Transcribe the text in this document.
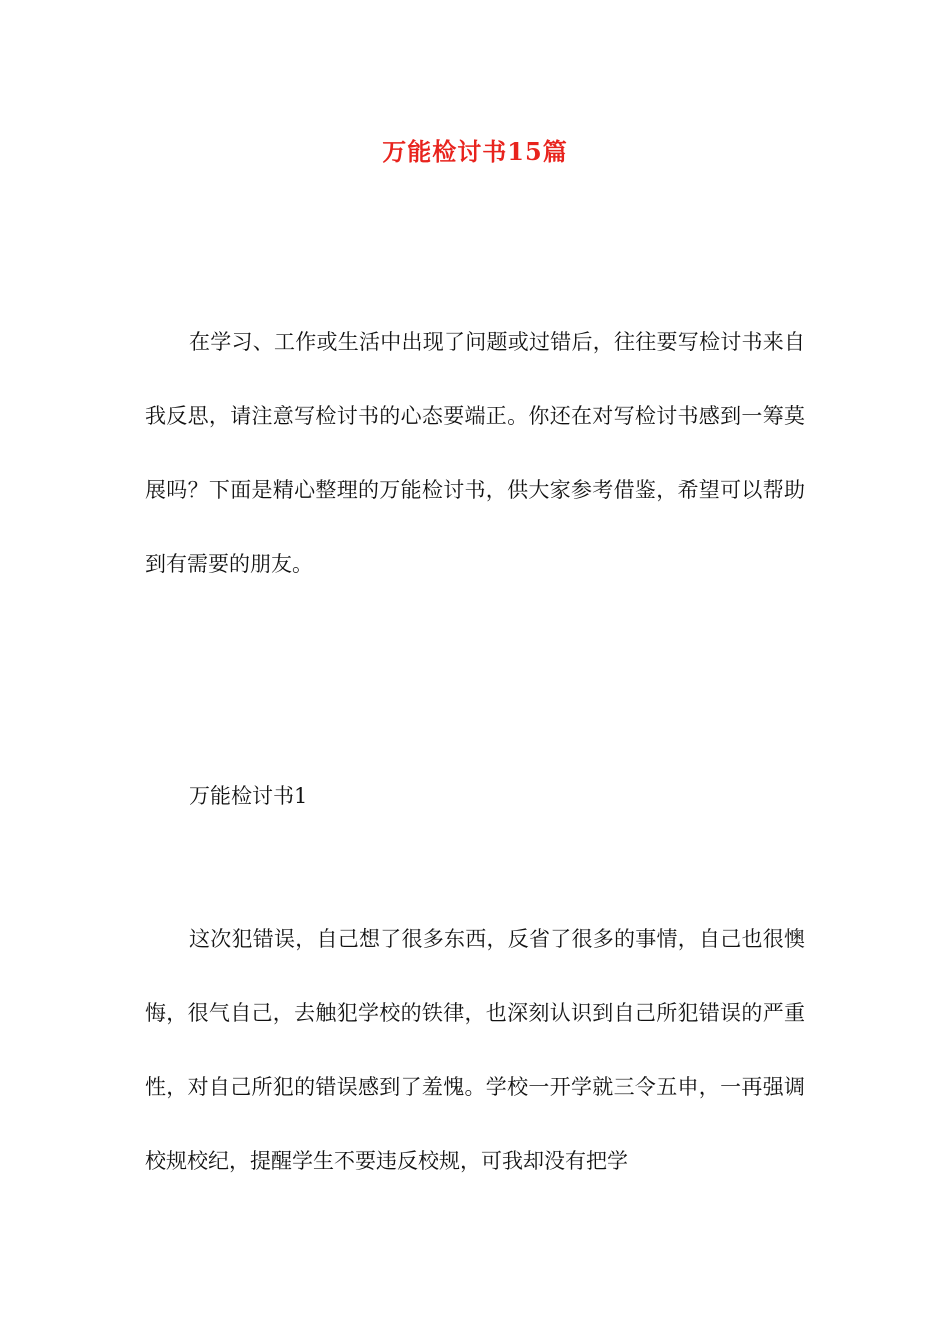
万能检讨书15篇

在学习、工作或生活中出现了问题或过错后，往往要写检讨书来自我反思，请注意写检讨书的心态要端正。你还在对写检讨书感到一筹莫展吗？下面是精心整理的万能检讨书，供大家参考借鉴，希望可以帮助到有需要的朋友。

万能检讨书1

这次犯错误，自己想了很多东西，反省了很多的事情，自己也很懊悔，很气自己，去触犯学校的铁律，也深刻认识到自己所犯错误的严重性，对自己所犯的错误感到了羞愧。学校一开学就三令五申，一再强调校规校纪，提醒学生不要违反校规，可我却没有把学
